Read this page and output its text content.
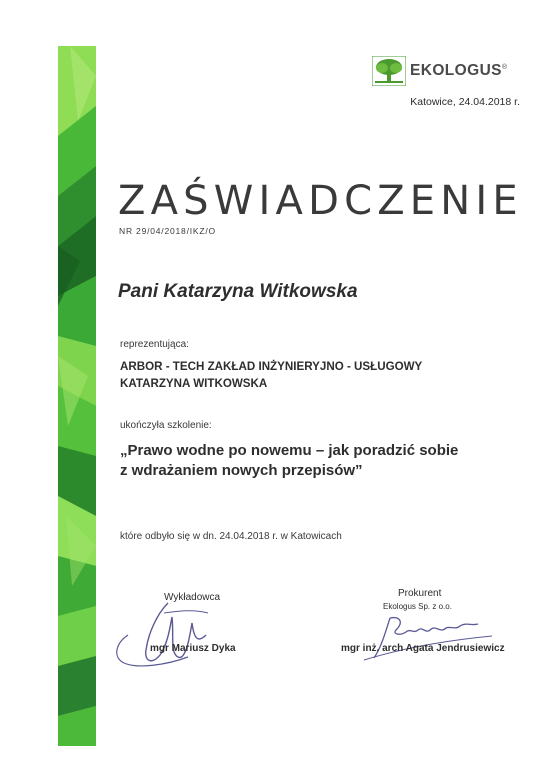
EKOLOGUS®
Katowice, 24.04.2018 r.
ZAŚWIADCZENIE
NR 29/04/2018/IKZ/O
Pani Katarzyna Witkowska
reprezentująca:
ARBOR - TECH ZAKŁAD INŻYNIERYJNO - USŁUGOWY
KATARZYNA WITKOWSKA
ukończyła szkolenie:
„Prawo wodne po nowemu – jak poradzić sobie
z wdrażaniem nowych przepisów”
które odbyło się w dn. 24.04.2018 r. w Katowicach
Wykładowca
mgr Mariusz Dyka
Prokurent
Ekologus Sp. z o.o.
mgr inż. arch Agata Jendrusiewicz
